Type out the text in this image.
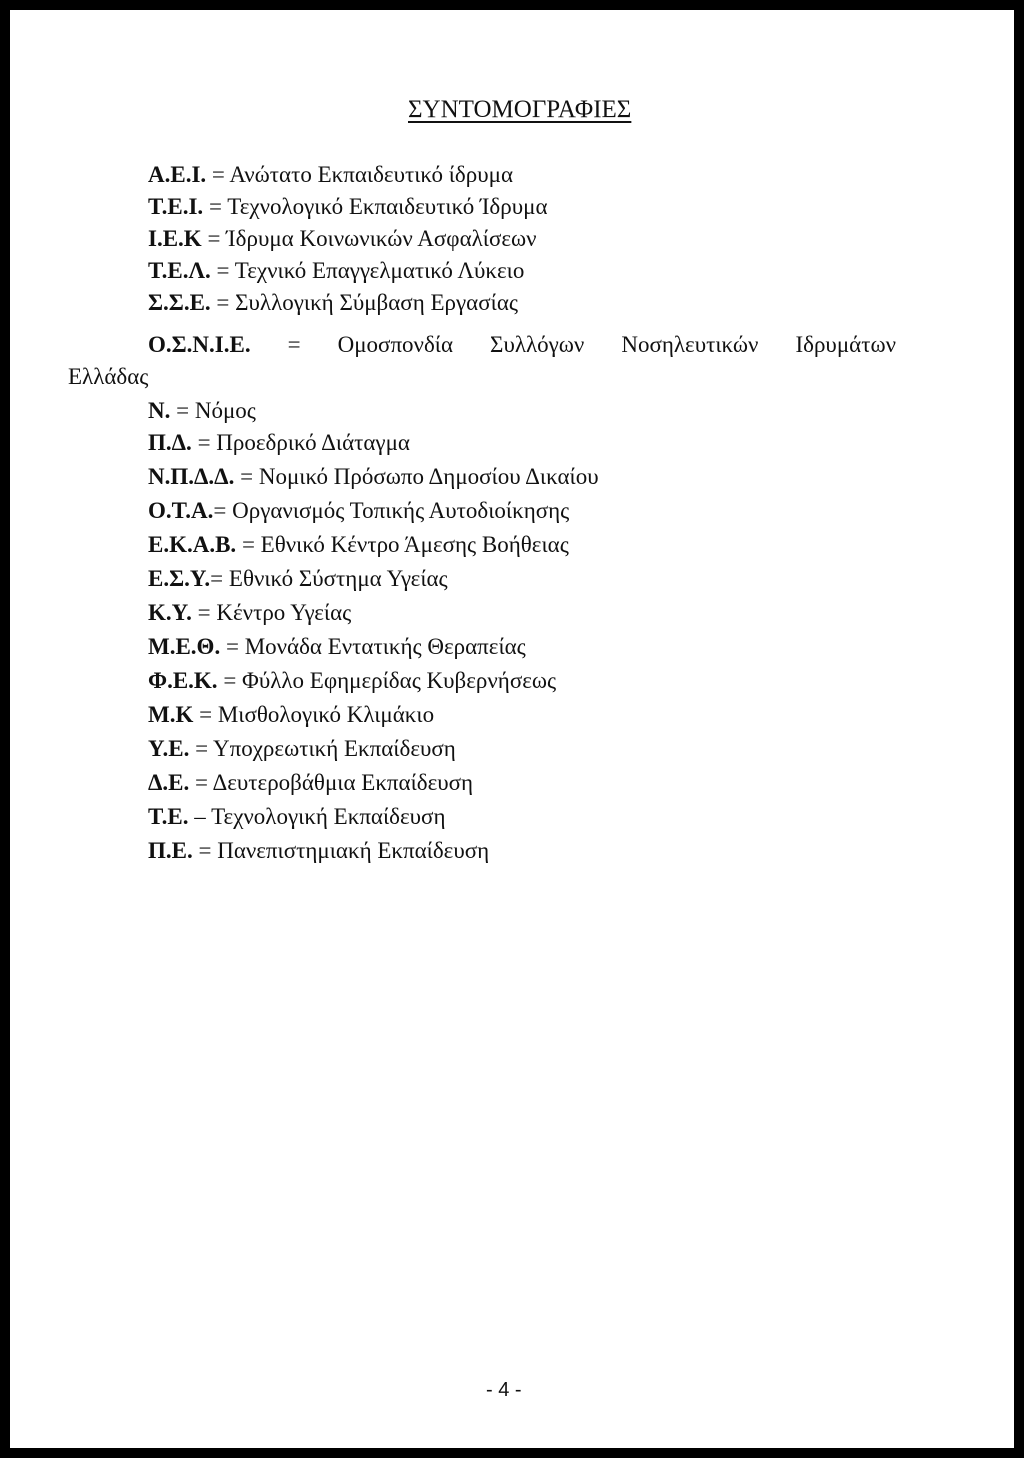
ΣΥΝΤΟΜΟΓΡΑΦΙΕΣ
Α.Ε.Ι. = Ανώτατο Εκπαιδευτικό ίδρυμα
Τ.Ε.Ι. = Τεχνολογικό Εκπαιδευτικό Ίδρυμα
Ι.Ε.Κ = Ίδρυμα Κοινωνικών Ασφαλίσεων
Τ.Ε.Λ. = Τεχνικό Επαγγελματικό Λύκειο
Σ.Σ.Ε. = Συλλογική Σύμβαση Εργασίας
Ο.Σ.Ν.Ι.Ε. = Ομοσπονδία Συλλόγων Νοσηλευτικών Ιδρυμάτων
Ελλάδας
Ν. = Νόμος
Π.Δ. = Προεδρικό Διάταγμα
Ν.Π.Δ.Δ. = Νομικό Πρόσωπο Δημοσίου Δικαίου
Ο.Τ.Α.= Οργανισμός Τοπικής Αυτοδιοίκησης
Ε.Κ.Α.Β. = Εθνικό Κέντρο Άμεσης Βοήθειας
Ε.Σ.Υ.= Εθνικό Σύστημα Υγείας
Κ.Υ. = Κέντρο Υγείας
Μ.Ε.Θ. = Μονάδα Εντατικής Θεραπείας
Φ.Ε.Κ. = Φύλλο Εφημερίδας Κυβερνήσεως
Μ.Κ = Μισθολογικό Κλιμάκιο
Υ.Ε. = Υποχρεωτική Εκπαίδευση
Δ.Ε. = Δευτεροβάθμια Εκπαίδευση
Τ.Ε. – Τεχνολογική Εκπαίδευση
Π.Ε. = Πανεπιστημιακή Εκπαίδευση
- 4 -
